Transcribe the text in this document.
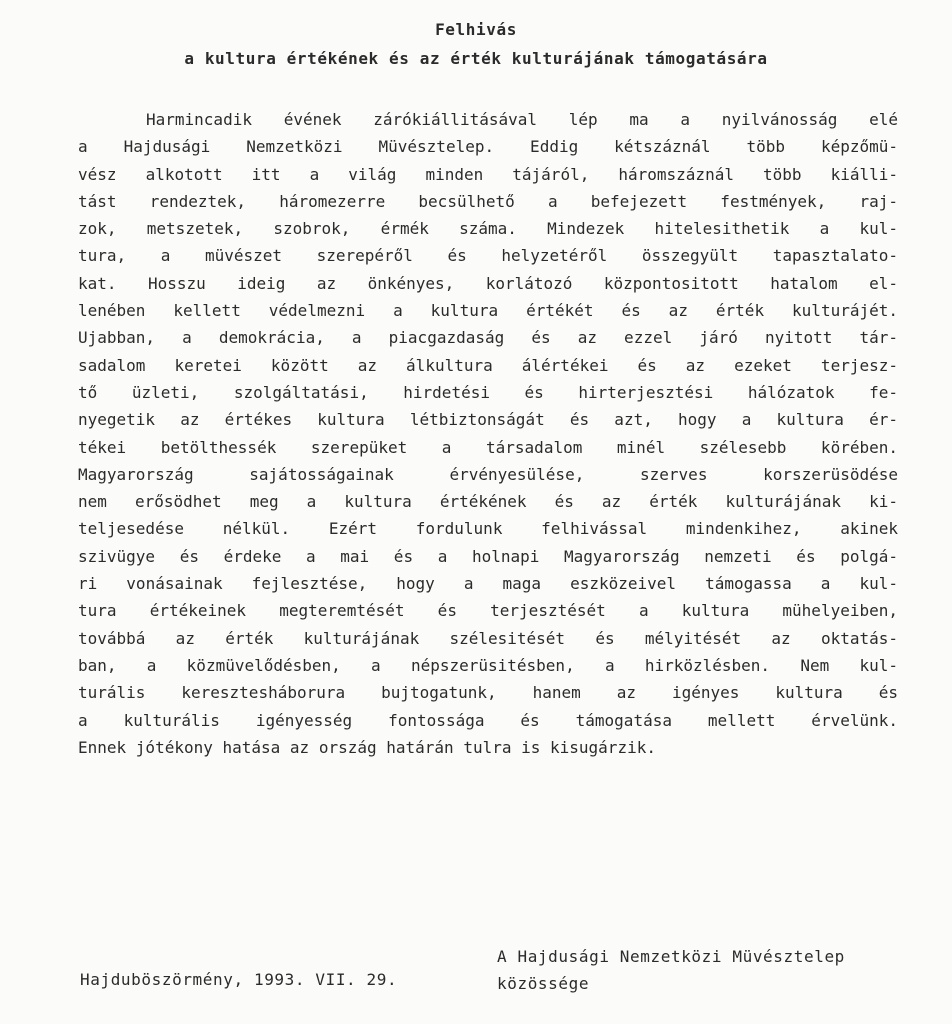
Felhivás
a kultura értékének és az érték kulturájának támogatására
Harmincadik évének zárókiállitásával lép ma a nyilvánosság elé
a Hajdusági Nemzetközi Müvésztelep. Eddig kétszáznál több képzőmü-
vész alkotott itt a világ minden tájáról, háromszáznál több kiálli-
tást rendeztek, háromezerre becsülhető a befejezett festmények, raj-
zok, metszetek, szobrok, érmék száma. Mindezek hitelesithetik a kul-
tura, a müvészet szerepéről és helyzetéről összegyült tapasztalato-
kat. Hosszu ideig az önkényes, korlátozó központositott hatalom el-
lenében kellett védelmezni a kultura értékét és az érték kulturájét.
Ujabban, a demokrácia, a piacgazdaság és az ezzel járó nyitott tár-
sadalom keretei között az álkultura álértékei és az ezeket terjesz-
tő üzleti, szolgáltatási, hirdetési és hirterjesztési hálózatok fe-
nyegetik az értékes kultura létbiztonságát és azt, hogy a kultura ér-
tékei betölthessék szerepüket a társadalom minél szélesebb körében.
Magyarország sajátosságainak érvényesülése, szerves korszerüsödése
nem erősödhet meg a kultura értékének és az érték kulturájának ki-
teljesedése nélkül. Ezért fordulunk felhivással mindenkihez, akinek
szivügye és érdeke a mai és a holnapi Magyarország nemzeti és polgá-
ri vonásainak fejlesztése, hogy a maga eszközeivel támogassa a kul-
tura értékeinek megteremtését és terjesztését a kultura mühelyeiben,
továbbá az érték kulturájának szélesitését és mélyitését az oktatás-
ban, a közmüvelődésben, a népszerüsitésben, a hirközlésben. Nem kul-
turális keresztesháborura bujtogatunk, hanem az igényes kultura és
a kulturális igényesség fontossága és támogatása mellett érvelünk.
Ennek jótékony hatása az ország határán tulra is kisugárzik.
Hajduböszörmény, 1993. VII. 29.
A Hajdusági Nemzetközi Müvésztelep
közössége
